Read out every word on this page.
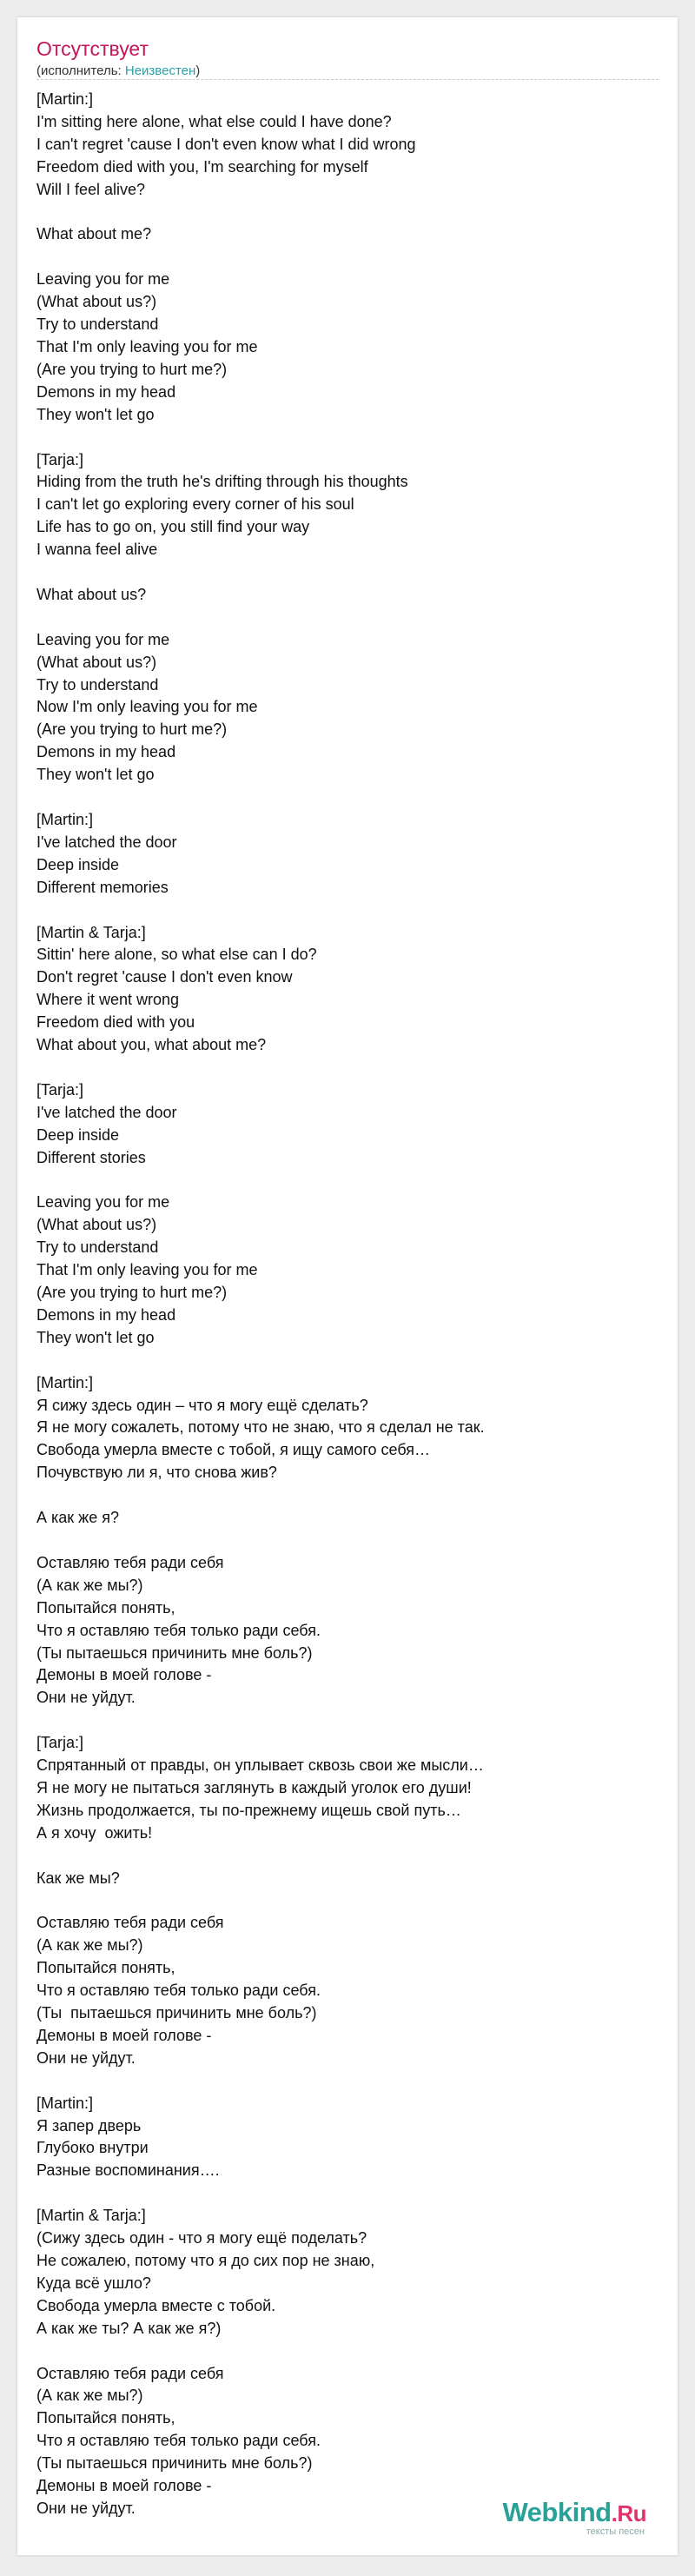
Отсутствует
(исполнитель: Неизвестен)
[Martin:]
I'm sitting here alone, what else could I have done?
I can't regret 'cause I don't even know what I did wrong
Freedom died with you, I'm searching for myself
Will I feel alive?

What about me?

Leaving you for me
(What about us?)
Try to understand
That I'm only leaving you for me
(Are you trying to hurt me?)
Demons in my head
They won't let go

[Tarja:]
Hiding from the truth he's drifting through his thoughts
I can't let go exploring every corner of his soul
Life has to go on, you still find your way
I wanna feel alive

What about us?

Leaving you for me
(What about us?)
Try to understand
Now I'm only leaving you for me
(Are you trying to hurt me?)
Demons in my head
They won't let go

[Martin:]
I've latched the door
Deep inside
Different memories

[Martin & Tarja:]
Sittin' here alone, so what else can I do?
Don't regret 'cause I don't even know
Where it went wrong
Freedom died with you
What about you, what about me?

[Tarja:]
I've latched the door
Deep inside
Different stories

Leaving you for me
(What about us?)
Try to understand
That I'm only leaving you for me
(Are you trying to hurt me?)
Demons in my head
They won't let go

[Martin:]
Я сижу здесь один – что я могу ещё сделать?
Я не могу сожалеть, потому что не знаю, что я сделал не так.
Свобода умерла вместе с тобой, я ищу самого себя…
Почувствую ли я, что снова жив?

А как же я?

Оставляю тебя ради себя
(А как же мы?)
Попытайся понять,
Что я оставляю тебя только ради себя.
(Ты пытаешься причинить мне боль?)
Демоны в моей голове -
Они не уйдут.

[Tarja:]
Спрятанный от правды, он уплывает сквозь свои же мысли…
Я не могу не пытаться заглянуть в каждый уголок его души!
Жизнь продолжается, ты по-прежнему ищешь свой путь…
А я хочу  ожить!

Как же мы?

Оставляю тебя ради себя
(А как же мы?)
Попытайся понять,
Что я оставляю тебя только ради себя.
(Ты  пытаешься причинить мне боль?)
Демоны в моей голове -
Они не уйдут.

[Martin:]
Я запер дверь
Глубоко внутри
Разные воспоминания….

[Martin & Tarja:]
(Сижу здесь один - что я могу ещё поделать?
Не сожалею, потому что я до сих пор не знаю,
Куда всё ушло?
Свобода умерла вместе с тобой.
А как же ты? А как же я?)

Оставляю тебя ради себя
(А как же мы?)
Попытайся понять,
Что я оставляю тебя только ради себя.
(Ты пытаешься причинить мне боль?)
Демоны в моей голове -
Они не уйдут.	Webkind.Ru
тексты песен
